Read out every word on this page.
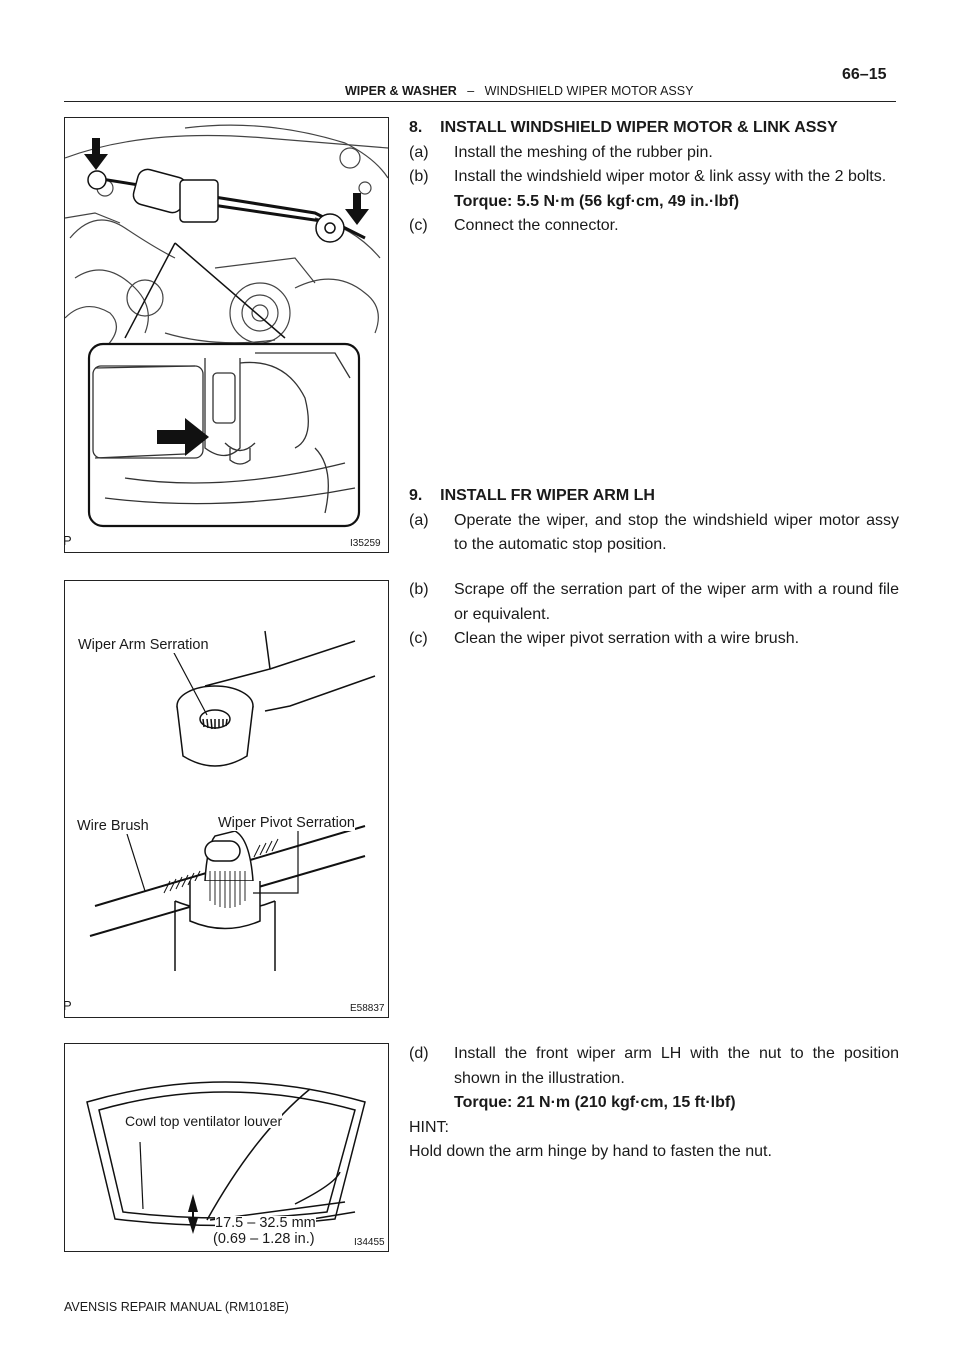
66–15
WIPER & WASHER – WINDSHIELD WIPER MOTOR ASSY
P	I35259
Wiper Arm Serration
Wire Brush	Wiper Pivot Serration
P	E58837
Cowl top ventilator louver
17.5 – 32.5 mm
(0.69 – 1.28 in.)	I34455
8.    INSTALL WINDSHIELD WIPER MOTOR & LINK ASSY
(a)	Install the meshing of the rubber pin.
(b)	Install the windshield wiper motor & link assy with the 2 bolts.
Torque: 5.5 N·m (56 kgf·cm, 49 in.·lbf)
(c)	Connect the connector.
9.    INSTALL FR WIPER ARM LH
(a)	Operate the wiper, and stop the windshield wiper motor assy to the automatic stop position.
(b)	Scrape off the serration part of the wiper arm with a round file or equivalent.
(c)	Clean the wiper pivot serration with a wire brush.
(d)	Install the front wiper arm LH with the nut to the position shown in the illustration.
Torque: 21 N·m (210 kgf·cm, 15 ft·lbf)
HINT:
Hold down the arm hinge by hand to fasten the nut.
AVENSIS REPAIR MANUAL (RM1018E)
